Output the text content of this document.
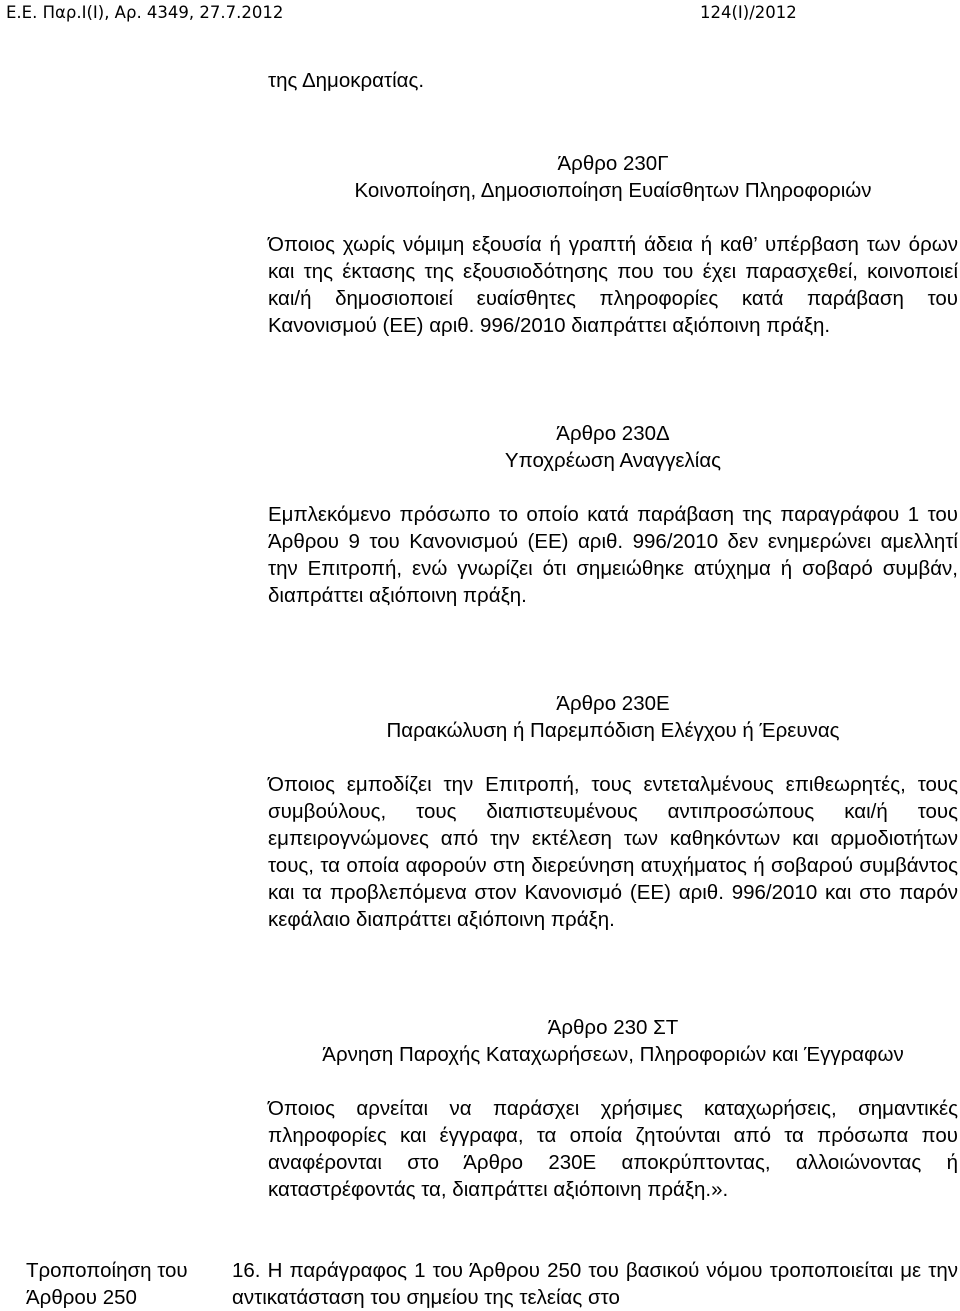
Ε.Ε. Παρ.Ι(Ι), Αρ. 4349, 27.7.2012	124(Ι)/2012

της Δημοκρατίας.

Άρθρο 230Γ

Κοινοποίηση, Δημοσιοποίηση Ευαίσθητων Πληροφοριών

Όποιος χωρίς νόμιμη εξουσία ή γραπτή άδεια ή καθ’ υπέρβαση των όρων και της έκτασης της εξουσιοδότησης που του έχει παρασχεθεί, κοινοποιεί και/ή δημοσιοποιεί ευαίσθητες πληροφορίες κατά παράβαση του Κανονισμού (ΕΕ) αριθ. 996/2010 διαπράττει αξιόποινη πράξη.

Άρθρο 230Δ

Υποχρέωση Αναγγελίας

Εμπλεκόμενο πρόσωπο το οποίο κατά παράβαση της παραγράφου 1 του Άρθρου 9 του Κανονισμού (ΕΕ) αριθ. 996/2010 δεν ενημερώνει αμελλητί την Επιτροπή, ενώ γνωρίζει ότι σημειώθηκε ατύχημα ή σοβαρό συμβάν, διαπράττει αξιόποινη πράξη.

Άρθρο 230Ε

Παρακώλυση ή Παρεμπόδιση Ελέγχου ή Έρευνας

Όποιος εμποδίζει την Επιτροπή, τους εντεταλμένους επιθεωρητές, τους συμβούλους, τους διαπιστευμένους αντιπροσώπους και/ή τους εμπειρογνώμονες από την εκτέλεση των καθηκόντων και αρμοδιοτήτων τους, τα οποία αφορούν στη διερεύνηση ατυχήματος ή σοβαρού συμβάντος και τα προβλεπόμενα στον Κανονισμό (ΕΕ) αριθ. 996/2010 και στο παρόν κεφάλαιο διαπράττει αξιόποινη πράξη.

Άρθρο 230 ΣΤ

Άρνηση Παροχής Καταχωρήσεων, Πληροφοριών και Έγγραφων

Όποιος αρνείται να παράσχει χρήσιμες καταχωρήσεις, σημαντικές πληροφορίες και έγγραφα, τα οποία ζητούνται από τα πρόσωπα που αναφέρονται στο Άρθρο 230Ε αποκρύπτοντας, αλλοιώνοντας ή καταστρέφοντάς τα, διαπράττει αξιόποινη πράξη.».

Τροποποίηση του Άρθρου 250

16. Η παράγραφος 1 του Άρθρου 250 του βασικού νόμου τροποποιείται με την αντικατάσταση του σημείου της τελείας στο
